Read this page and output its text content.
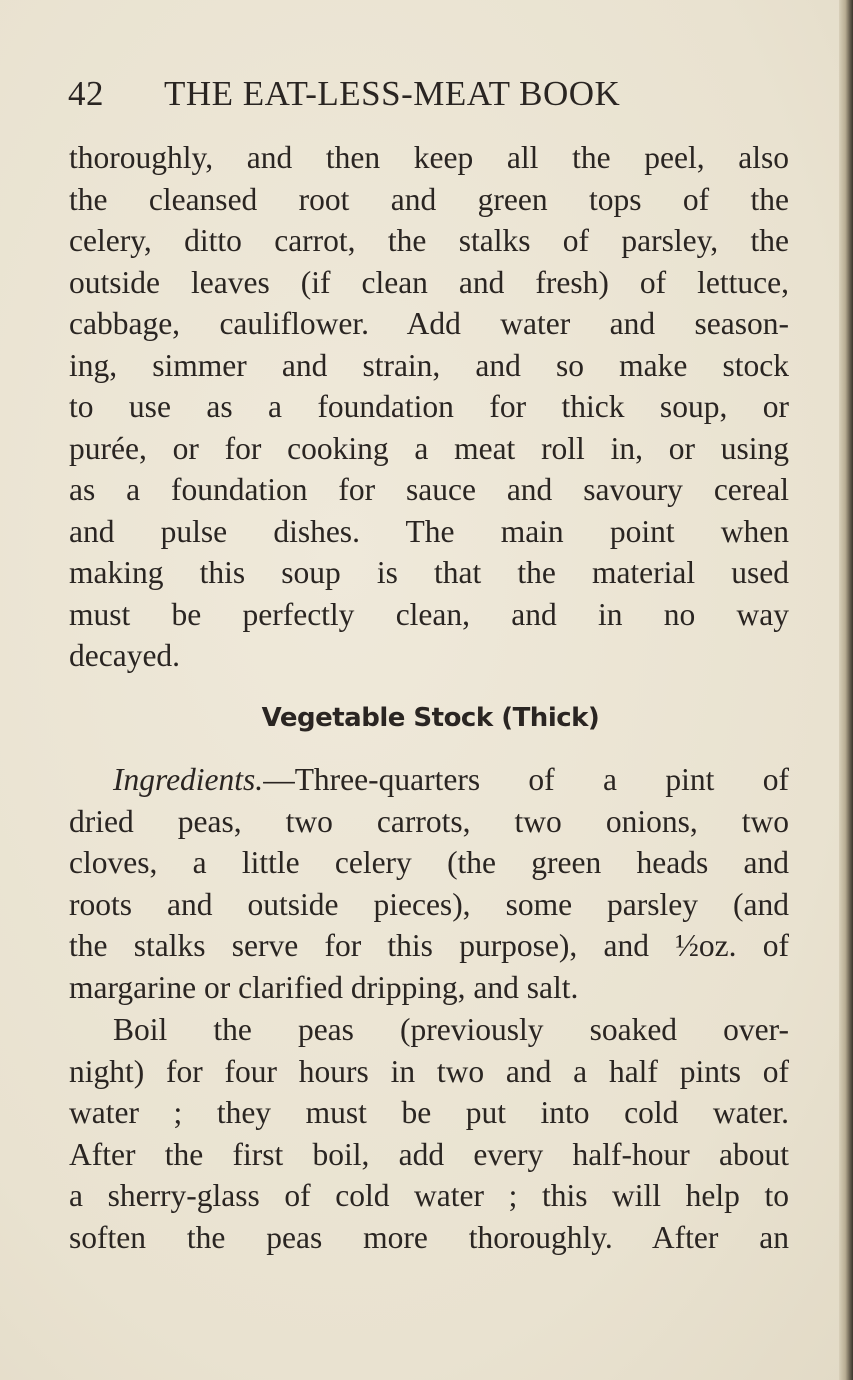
42 THE EAT-LESS-MEAT BOOK
thoroughly, and then keep all the peel, also
the cleansed root and green tops of the
celery, ditto carrot, the stalks of parsley, the
outside leaves (if clean and fresh) of lettuce,
cabbage, cauliflower. Add water and season-
ing, simmer and strain, and so make stock
to use as a foundation for thick soup, or
purée, or for cooking a meat roll in, or using
as a foundation for sauce and savoury cereal
and pulse dishes. The main point when
making this soup is that the material used
must be perfectly clean, and in no way
decayed.
Vegetable Stock (Thick)
Ingredients.—Three-quarters of a pint of
dried peas, two carrots, two onions, two
cloves, a little celery (the green heads and
roots and outside pieces), some parsley (and
the stalks serve for this purpose), and ½oz. of
margarine or clarified dripping, and salt.
Boil the peas (previously soaked over-
night) for four hours in two and a half pints of
water ; they must be put into cold water.
After the first boil, add every half-hour about
a sherry-glass of cold water ; this will help to
soften the peas more thoroughly. After an
